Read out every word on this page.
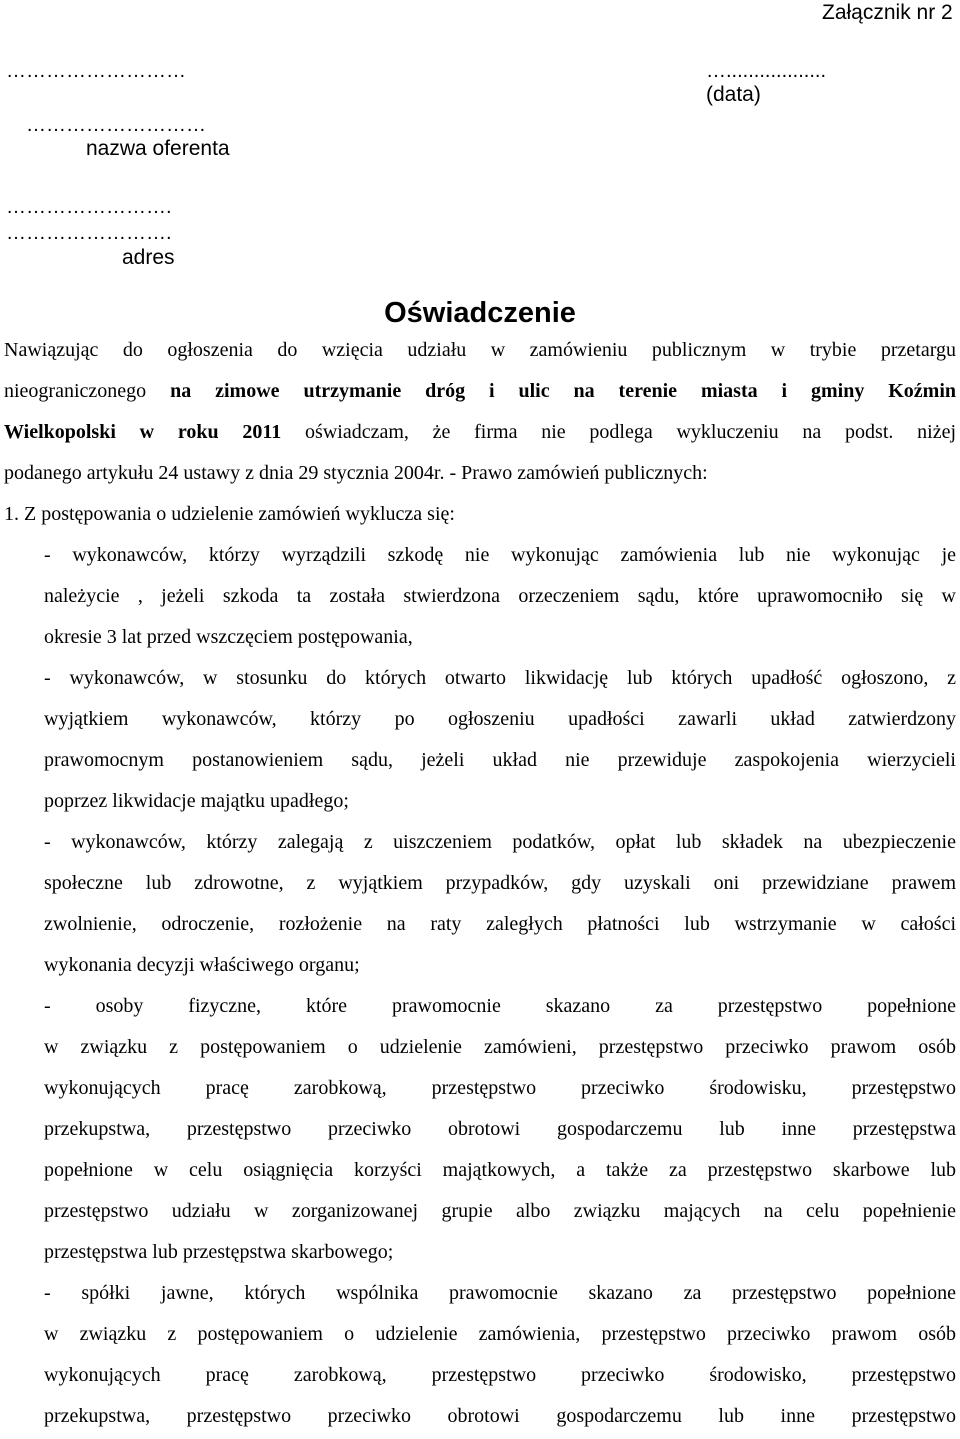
Załącznik nr 2
………………………	…..................
(data)
………………………
nazwa oferenta
…………………….
…………………….
adres
Oświadczenie
Nawiązując do ogłoszenia do wzięcia udziału w zamówieniu publicznym w trybie przetargu
nieograniczonego na zimowe utrzymanie dróg i ulic na terenie miasta i gminy Koźmin
Wielkopolski w roku 2011 oświadczam, że firma nie podlega wykluczeniu na podst. niżej
podanego artykułu 24 ustawy z dnia 29 stycznia 2004r. - Prawo zamówień publicznych:
1. Z postępowania o udzielenie zamówień wyklucza się:
- wykonawców, którzy wyrządzili szkodę nie wykonując zamówienia lub nie wykonując je
należycie , jeżeli szkoda ta została stwierdzona orzeczeniem sądu, które uprawomocniło się w
okresie 3 lat przed wszczęciem postępowania,
- wykonawców, w stosunku do których otwarto likwidację lub których upadłość ogłoszono, z
wyjątkiem wykonawców, którzy po ogłoszeniu upadłości zawarli układ zatwierdzony
prawomocnym postanowieniem sądu, jeżeli układ nie przewiduje zaspokojenia wierzycieli
poprzez likwidacje majątku upadłego;
- wykonawców, którzy zalegają z uiszczeniem podatków, opłat lub składek na ubezpieczenie
społeczne lub zdrowotne, z wyjątkiem przypadków, gdy uzyskali oni przewidziane prawem
zwolnienie, odroczenie, rozłożenie na raty zaległych płatności lub wstrzymanie w całości
wykonania decyzji właściwego organu;
- osoby fizyczne, które prawomocnie skazano za przestępstwo popełnione
w związku z postępowaniem o udzielenie zamówieni, przestępstwo przeciwko prawom osób
wykonujących pracę zarobkową, przestępstwo przeciwko środowisku, przestępstwo
przekupstwa, przestępstwo przeciwko obrotowi gospodarczemu lub inne przestępstwa
popełnione w celu osiągnięcia korzyści majątkowych, a także za przestępstwo skarbowe lub
przestępstwo udziału w zorganizowanej grupie albo związku mających na celu popełnienie
przestępstwa lub przestępstwa skarbowego;
- spółki jawne, których wspólnika prawomocnie skazano za przestępstwo popełnione
w związku z postępowaniem o udzielenie zamówienia, przestępstwo przeciwko prawom osób
wykonujących pracę zarobkową, przestępstwo przeciwko środowisko, przestępstwo
przekupstwa, przestępstwo przeciwko obrotowi gospodarczemu lub inne przestępstwo
